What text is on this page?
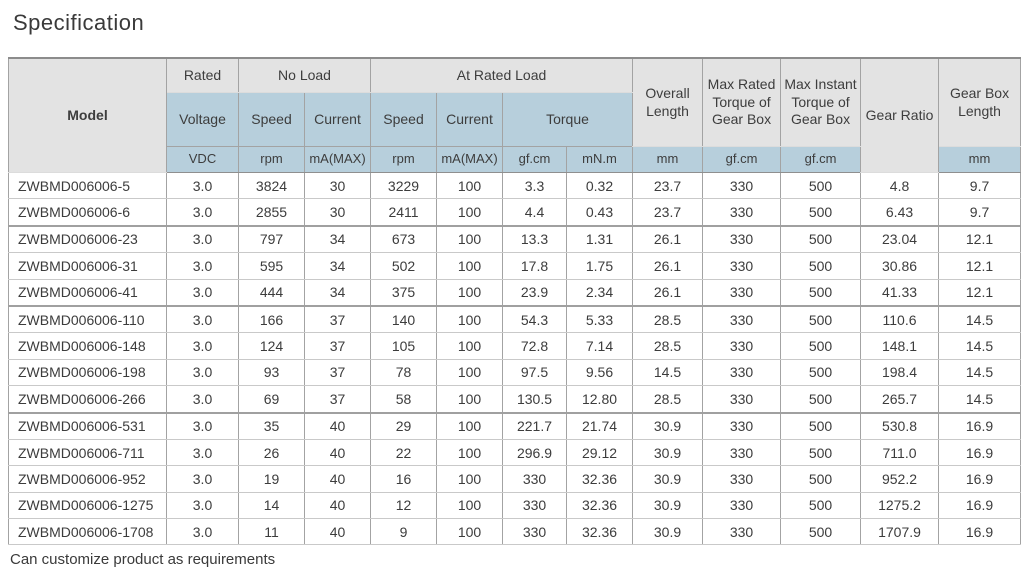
Specification
Model	Rated	No Load		At Rated Load				Overall Length	Max Rated Torque of Gear Box	Max Instant Torque of Gear Box	Gear Ratio	Gear Box Length
	Voltage	Speed	Current	Speed	Current	Torque						
	VDC	rpm	mA(MAX)	rpm	mA(MAX)	gf.cm	mN.m	mm	gf.cm	gf.cm		mm
ZWBMD006006-5	3.0	3824	30	3229	100	3.3	0.32	23.7	330	500	4.8	9.7
ZWBMD006006-6	3.0	2855	30	2411	100	4.4	0.43	23.7	330	500	6.43	9.7
ZWBMD006006-23	3.0	797	34	673	100	13.3	1.31	26.1	330	500	23.04	12.1
ZWBMD006006-31	3.0	595	34	502	100	17.8	1.75	26.1	330	500	30.86	12.1
ZWBMD006006-41	3.0	444	34	375	100	23.9	2.34	26.1	330	500	41.33	12.1
ZWBMD006006-110	3.0	166	37	140	100	54.3	5.33	28.5	330	500	110.6	14.5
ZWBMD006006-148	3.0	124	37	105	100	72.8	7.14	28.5	330	500	148.1	14.5
ZWBMD006006-198	3.0	93	37	78	100	97.5	9.56	14.5	330	500	198.4	14.5
ZWBMD006006-266	3.0	69	37	58	100	130.5	12.80	28.5	330	500	265.7	14.5
ZWBMD006006-531	3.0	35	40	29	100	221.7	21.74	30.9	330	500	530.8	16.9
ZWBMD006006-711	3.0	26	40	22	100	296.9	29.12	30.9	330	500	711.0	16.9
ZWBMD006006-952	3.0	19	40	16	100	330	32.36	30.9	330	500	952.2	16.9
ZWBMD006006-1275	3.0	14	40	12	100	330	32.36	30.9	330	500	1275.2	16.9
ZWBMD006006-1708	3.0	11	40	9	100	330	32.36	30.9	330	500	1707.9	16.9

Can customize product as requirements
